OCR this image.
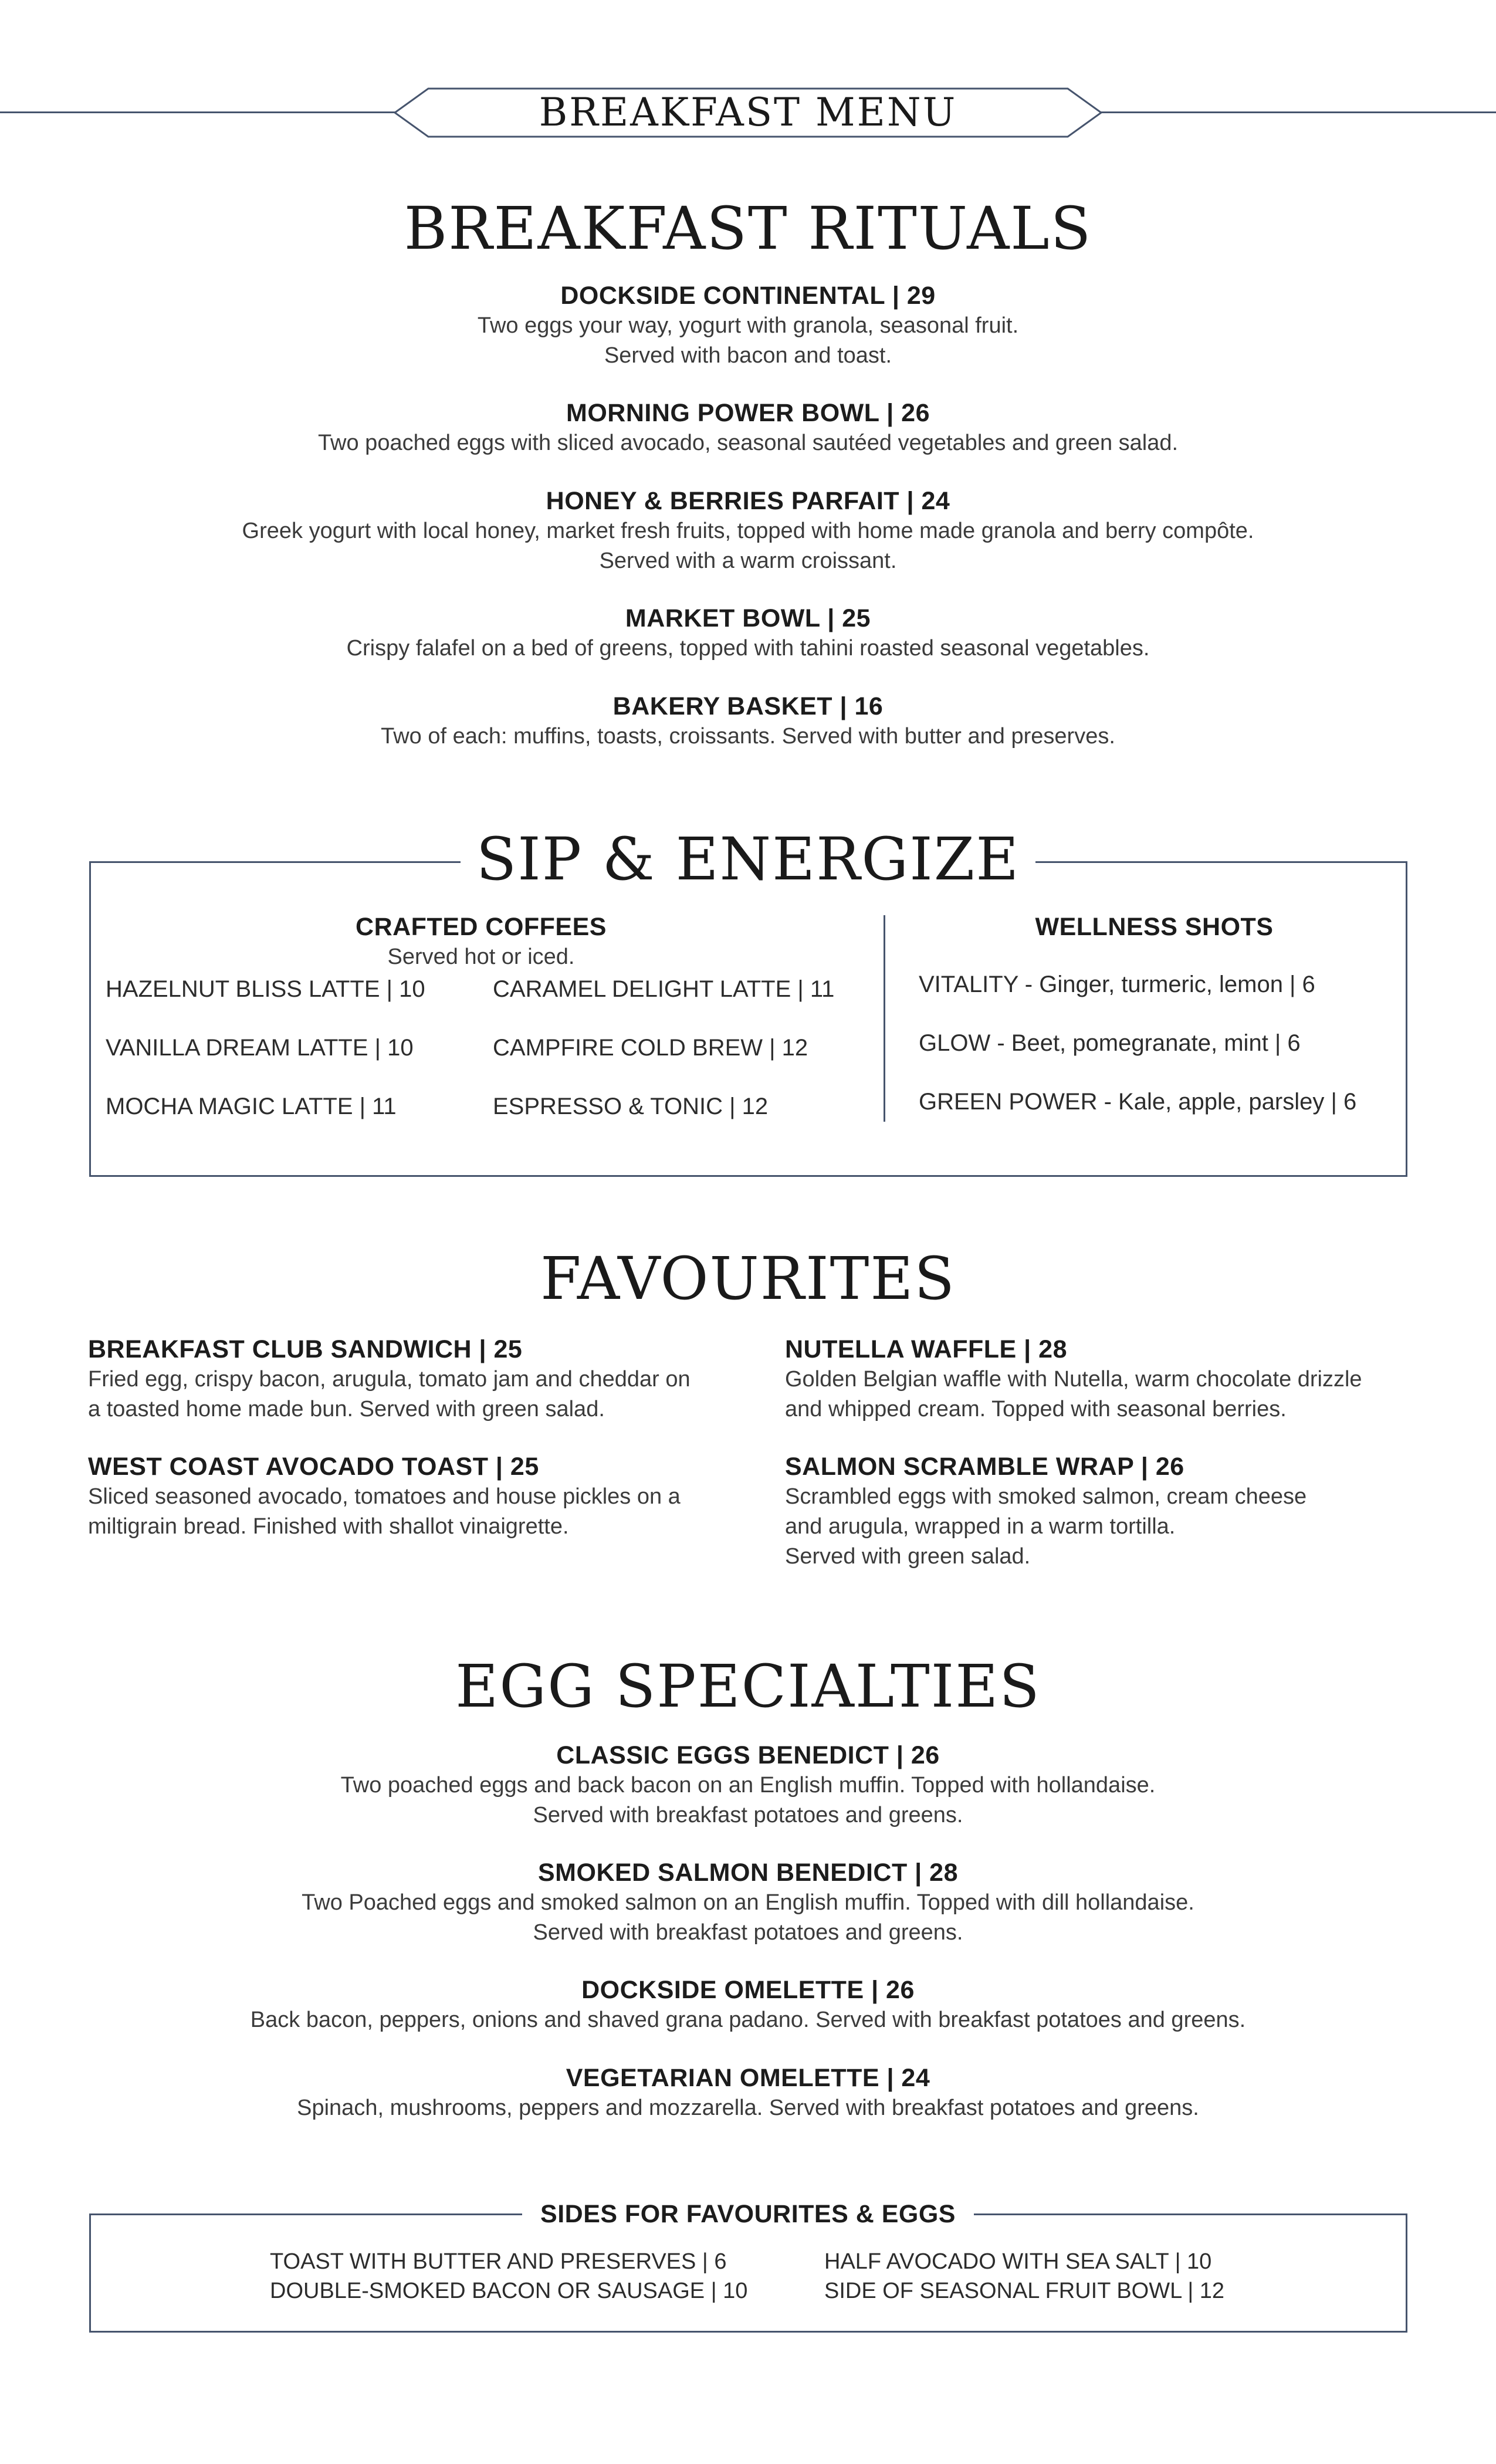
BREAKFAST MENU
BREAKFAST RITUALS
DOCKSIDE CONTINENTAL | 29
Two eggs your way, yogurt with granola, seasonal fruit.
Served with bacon and toast.
MORNING POWER BOWL | 26
Two poached eggs with sliced avocado, seasonal sautéed vegetables and green salad.
HONEY & BERRIES PARFAIT | 24
Greek yogurt with local honey, market fresh fruits, topped with home made granola and berry compôte.
Served with a warm croissant.
MARKET BOWL | 25
Crispy falafel on a bed of greens, topped with tahini roasted seasonal vegetables.
BAKERY BASKET | 16
Two of each: muffins, toasts, croissants. Served with butter and preserves.
SIP & ENERGIZE
CRAFTED COFFEES
Served hot or iced.
HAZELNUT BLISS LATTE | 10
VANILLA DREAM LATTE | 10
MOCHA MAGIC LATTE | 11
CARAMEL DELIGHT LATTE | 11
CAMPFIRE COLD BREW | 12
ESPRESSO & TONIC | 12
WELLNESS SHOTS
VITALITY - Ginger, turmeric, lemon | 6
GLOW - Beet, pomegranate, mint | 6
GREEN POWER - Kale, apple, parsley | 6
FAVOURITES
BREAKFAST CLUB SANDWICH | 25
Fried egg, crispy bacon, arugula, tomato jam and cheddar on
a toasted home made bun. Served with green salad.
WEST COAST AVOCADO TOAST | 25
Sliced seasoned avocado, tomatoes and house pickles on a
miltigrain bread. Finished with shallot vinaigrette.
NUTELLA WAFFLE | 28
Golden Belgian waffle with Nutella, warm chocolate drizzle
and whipped cream. Topped with seasonal berries.
SALMON SCRAMBLE WRAP | 26
Scrambled eggs with smoked salmon, cream cheese
and arugula, wrapped in a warm tortilla.
Served with green salad.
EGG SPECIALTIES
CLASSIC EGGS BENEDICT | 26
Two poached eggs and back bacon on an English muffin. Topped with hollandaise.
Served with breakfast potatoes and greens.
SMOKED SALMON BENEDICT | 28
Two Poached eggs and smoked salmon on an English muffin. Topped with dill hollandaise.
Served with breakfast potatoes and greens.
DOCKSIDE OMELETTE | 26
Back bacon, peppers, onions and shaved grana padano. Served with breakfast potatoes and greens.
VEGETARIAN OMELETTE | 24
Spinach, mushrooms, peppers and mozzarella. Served with breakfast potatoes and greens.
SIDES FOR FAVOURITES & EGGS
TOAST WITH BUTTER AND PRESERVES | 6
DOUBLE-SMOKED BACON OR SAUSAGE | 10
HALF AVOCADO WITH SEA SALT | 10
SIDE OF SEASONAL FRUIT BOWL | 12
